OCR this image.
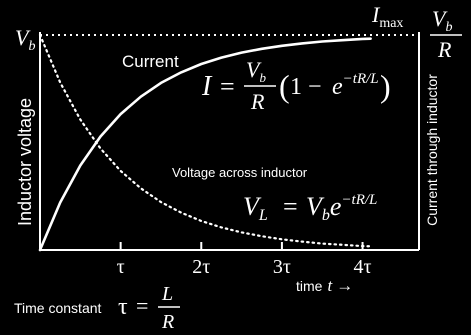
τ	2τ	3τ	4τ
$V_b$
$I_{max}$ $V_b$
R
Inductor voltage	Current through inductor
Current
Voltage across inductor
I =
$V_b$
R ( $1 - e^{-tR/L}$ )
VL = Vbe$^{-tR/L}$
time t →
Time constant τ = L
R
